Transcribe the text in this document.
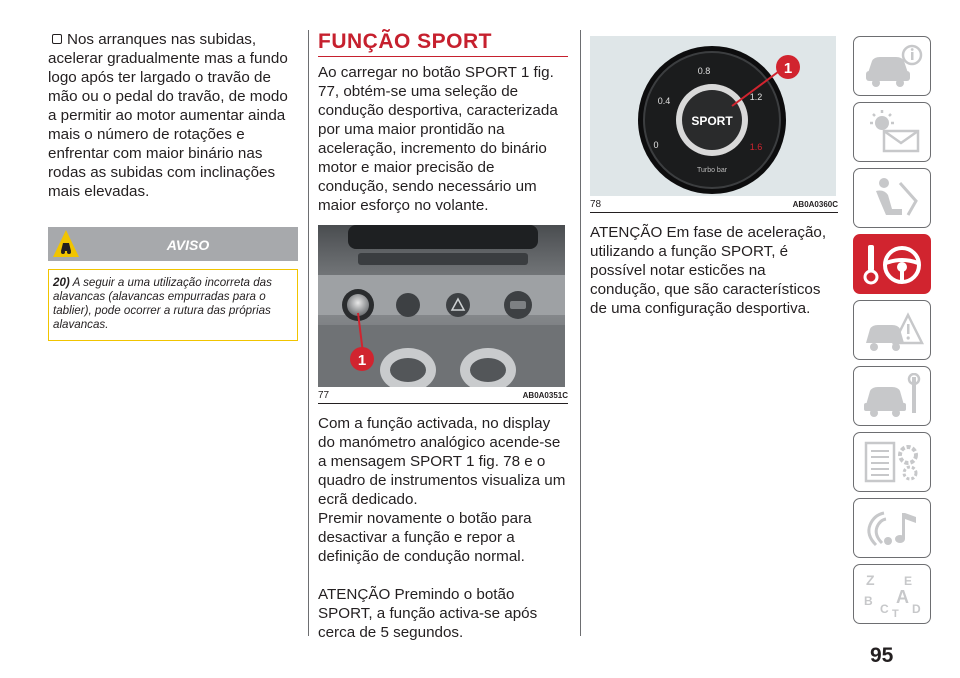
Nos arranques nas subidas, acelerar gradualmente mas a fundo logo após ter largado o travão de mão ou o pedal do travão, de modo a permitir ao motor aumentar ainda mais o número de rotações e enfrentar com maior binário nas rodas as subidas com inclinações mais elevadas.

AVISO

20) A seguir a uma utilização incorreta das alavancas (alavancas empurradas para o tablier), pode ocorrer a rutura das próprias alavancas.

FUNÇÃO SPORT

Ao carregar no botão SPORT 1 fig. 77, obtém-se uma seleção de condução desportiva, caracterizada por uma maior prontidão na aceleração, incremento do binário motor e maior precisão de condução, sendo necessário um maior esforço no volante.

1
77	AB0A0351C

Com a função activada, no display do manómetro analógico acende-se a mensagem SPORT 1 fig. 78 e o quadro de instrumentos visualiza um ecrã dedicado.

Premir novamente o botão para desactivar a função e repor a definição de condução normal.

ATENÇÃO Premindo o botão SPORT, a função activa-se após cerca de 5 segundos.

SPORT
0.4
0.8
1.2
0	1.6
Turbo bar
1
78	AB0A0360C

ATENÇÃO Em fase de aceleração, utilizando a função SPORT, é possível notar esticões na condução, que são característicos de uma configuração desportiva.

Z E
B A
C T D
95
